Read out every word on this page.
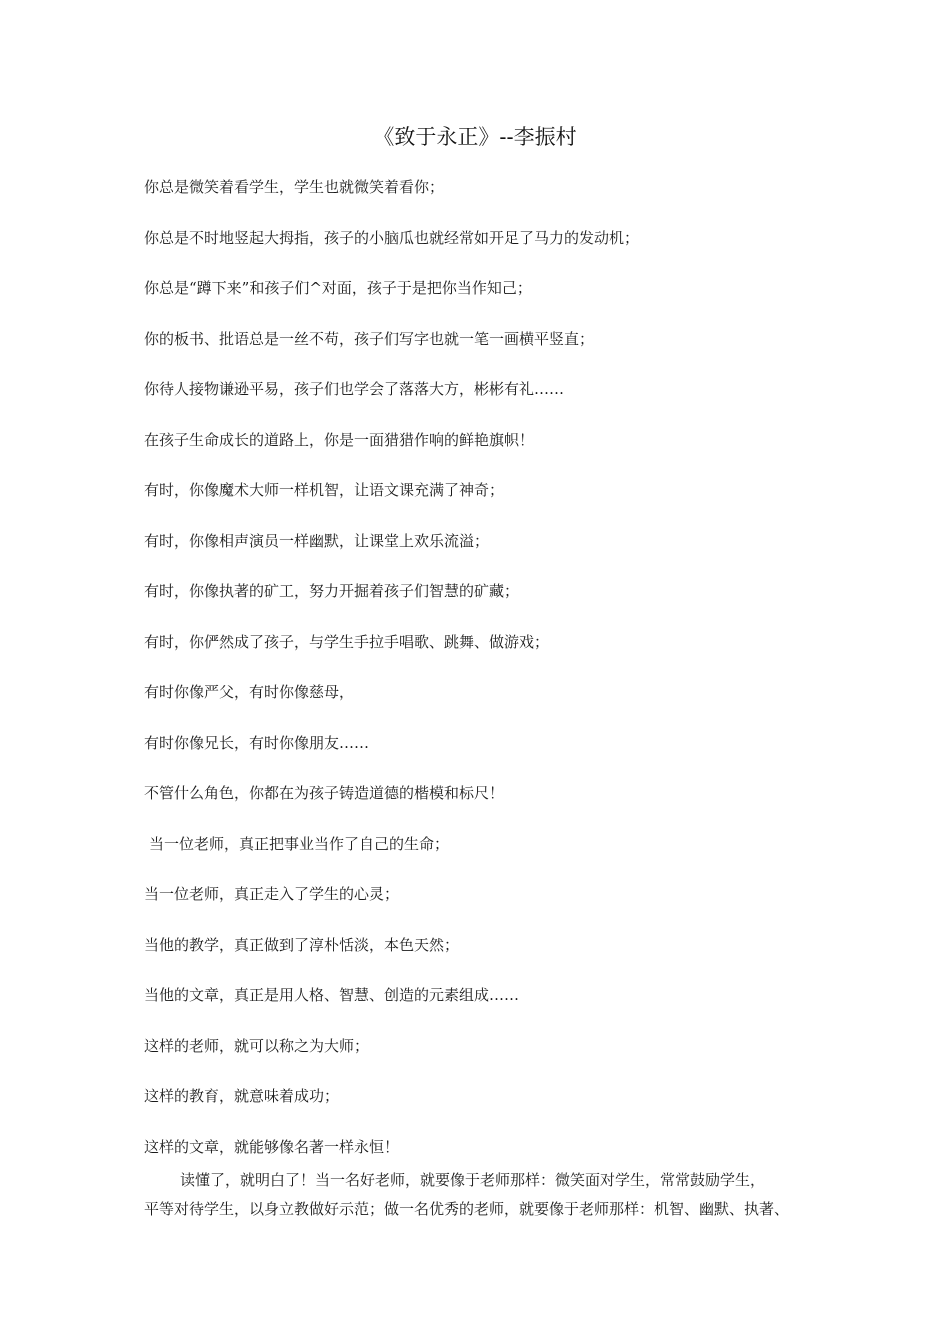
《致于永正》--李振村
你总是微笑着看学生，学生也就微笑着看你；
你总是不时地竖起大拇指，孩子的小脑瓜也就经常如开足了马力的发动机；
你总是“蹲下来”和孩子们^对面，孩子于是把你当作知己；
你的板书、批语总是一丝不苟，孩子们写字也就一笔一画横平竖直；
你待人接物谦逊平易，孩子们也学会了落落大方，彬彬有礼……
在孩子生命成长的道路上，你是一面猎猎作响的鲜艳旗帜！
有时，你像魔术大师一样机智，让语文课充满了神奇；
有时，你像相声演员一样幽默，让课堂上欢乐流溢；
有时，你像执著的矿工，努力开掘着孩子们智慧的矿藏；
有时，你俨然成了孩子，与学生手拉手唱歌、跳舞、做游戏；
有时你像严父，有时你像慈母，
有时你像兄长，有时你像朋友……
不管什么角色，你都在为孩子铸造道德的楷模和标尺！
当一位老师，真正把事业当作了自己的生命；
当一位老师，真正走入了学生的心灵；
当他的教学，真正做到了淳朴恬淡，本色天然；
当他的文章，真正是用人格、智慧、创造的元素组成……
这样的老师，就可以称之为大师；
这样的教育，就意味着成功；
这样的文章，就能够像名著一样永恒！
读懂了，就明白了！当一名好老师，就要像于老师那样：微笑面对学生，常常鼓励学生，
平等对待学生，以身立教做好示范；做一名优秀的老师，就要像于老师那样：机智、幽默、执著、
